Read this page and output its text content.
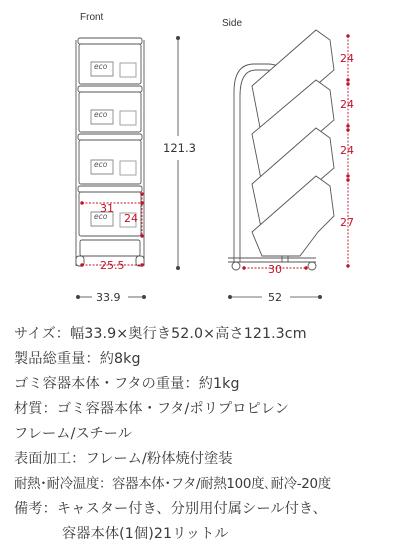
Front
eco
eco
eco
eco
121.3
31
24
25.5
33.9
Side
24
24
24
27
30
52
サイズ：幅33.9×奥行き52.0×高さ121.3cm
製品総重量：約8kg
ゴミ容器本体・フタの重量：約1kg
材質：ゴミ容器本体・フタ/ポリプロピレン
フレーム/スチール
表面加工：フレーム/粉体焼付塗装
耐熱･耐冷温度：容器本体･フタ/耐熱100度､耐冷-20度
備考：キャスター付き、分別用付属シール付き、
容器本体(1個)21リットル
